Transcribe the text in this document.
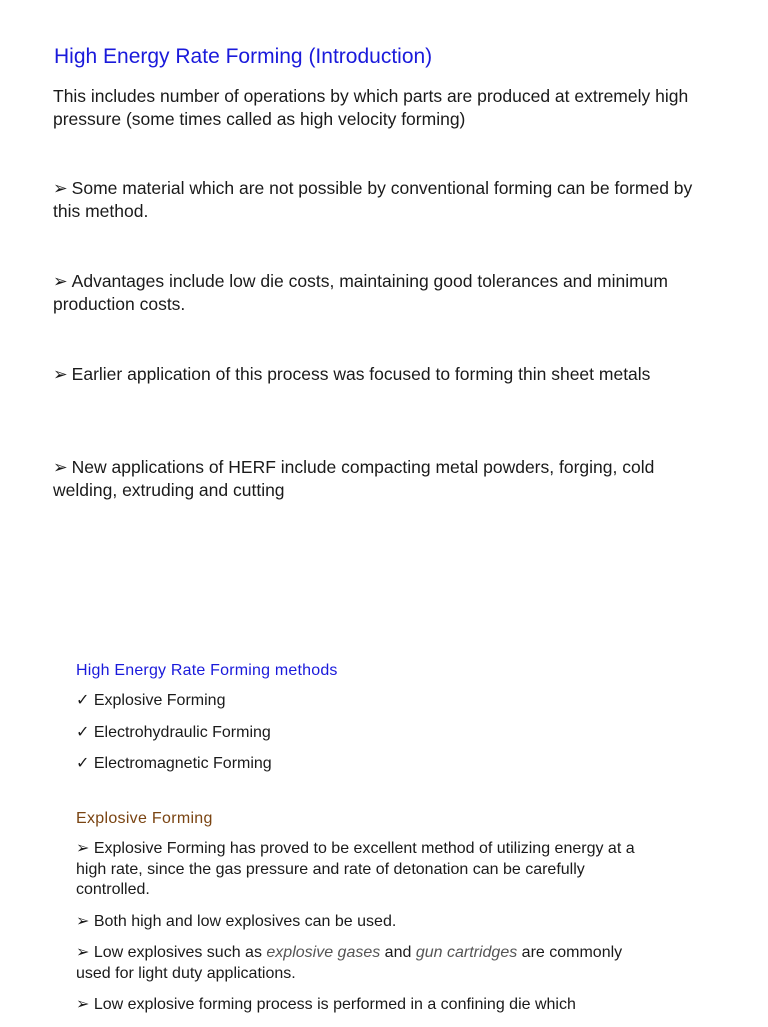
High Energy Rate Forming (Introduction)

This includes number of operations by which parts are produced at extremely high pressure (some times called as high velocity forming)

➢ Some material which are not possible by conventional forming can be formed by this method.

➢ Advantages include low die costs, maintaining good tolerances and minimum production costs.

➢ Earlier application of this process was focused to forming thin sheet metals

➢ New applications of HERF include compacting metal powders, forging, cold welding, extruding and cutting

High Energy Rate Forming methods
✓ Explosive Forming
✓ Electrohydraulic Forming
✓ Electromagnetic Forming
Explosive Forming

➢ Explosive Forming has proved to be excellent method of utilizing energy at a high rate, since the gas pressure and rate of detonation can be carefully controlled.

➢ Both high and low explosives can be used.

➢ Low explosives such as explosive gases and gun cartridges are commonly used for light duty applications.

➢ Low explosive forming process is performed in a confining die which
